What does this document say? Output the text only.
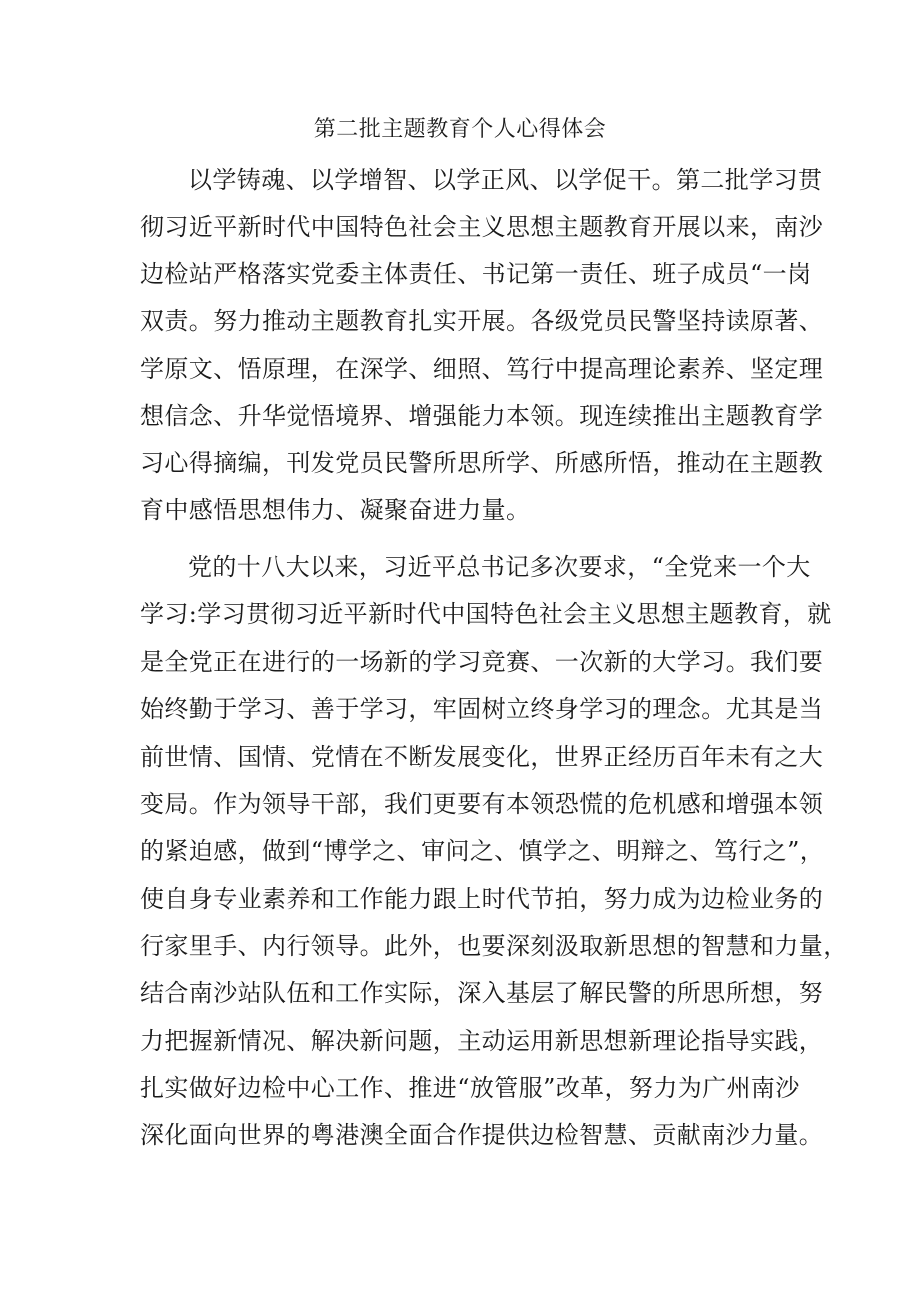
第二批主题教育个人心得体会
以学铸魂、以学增智、以学正风、以学促干。第二批学习贯
彻习近平新时代中国特色社会主义思想主题教育开展以来，南沙
边检站严格落实党委主体责任、书记第一责任、班子成员“一岗
双责。努力推动主题教育扎实开展。各级党员民警坚持读原著、
学原文、悟原理，在深学、细照、笃行中提高理论素养、坚定理
想信念、升华觉悟境界、增强能力本领。现连续推出主题教育学
习心得摘编，刊发党员民警所思所学、所感所悟，推动在主题教
育中感悟思想伟力、凝聚奋进力量。
党的十八大以来，习近平总书记多次要求，“全党来一个大
学习:学习贯彻习近平新时代中国特色社会主义思想主题教育，就
是全党正在进行的一场新的学习竞赛、一次新的大学习。我们要
始终勤于学习、善于学习，牢固树立终身学习的理念。尤其是当
前世情、国情、党情在不断发展变化，世界正经历百年未有之大
变局。作为领导干部，我们更要有本领恐慌的危机感和增强本领
的紧迫感，做到“博学之、审问之、慎学之、明辩之、笃行之”，
使自身专业素养和工作能力跟上时代节拍，努力成为边检业务的
行家里手、内行领导。此外，也要深刻汲取新思想的智慧和力量，
结合南沙站队伍和工作实际，深入基层了解民警的所思所想，努
力把握新情况、解决新问题，主动运用新思想新理论指导实践，
扎实做好边检中心工作、推进“放管服”改革，努力为广州南沙
深化面向世界的粤港澳全面合作提供边检智慧、贡献南沙力量。
